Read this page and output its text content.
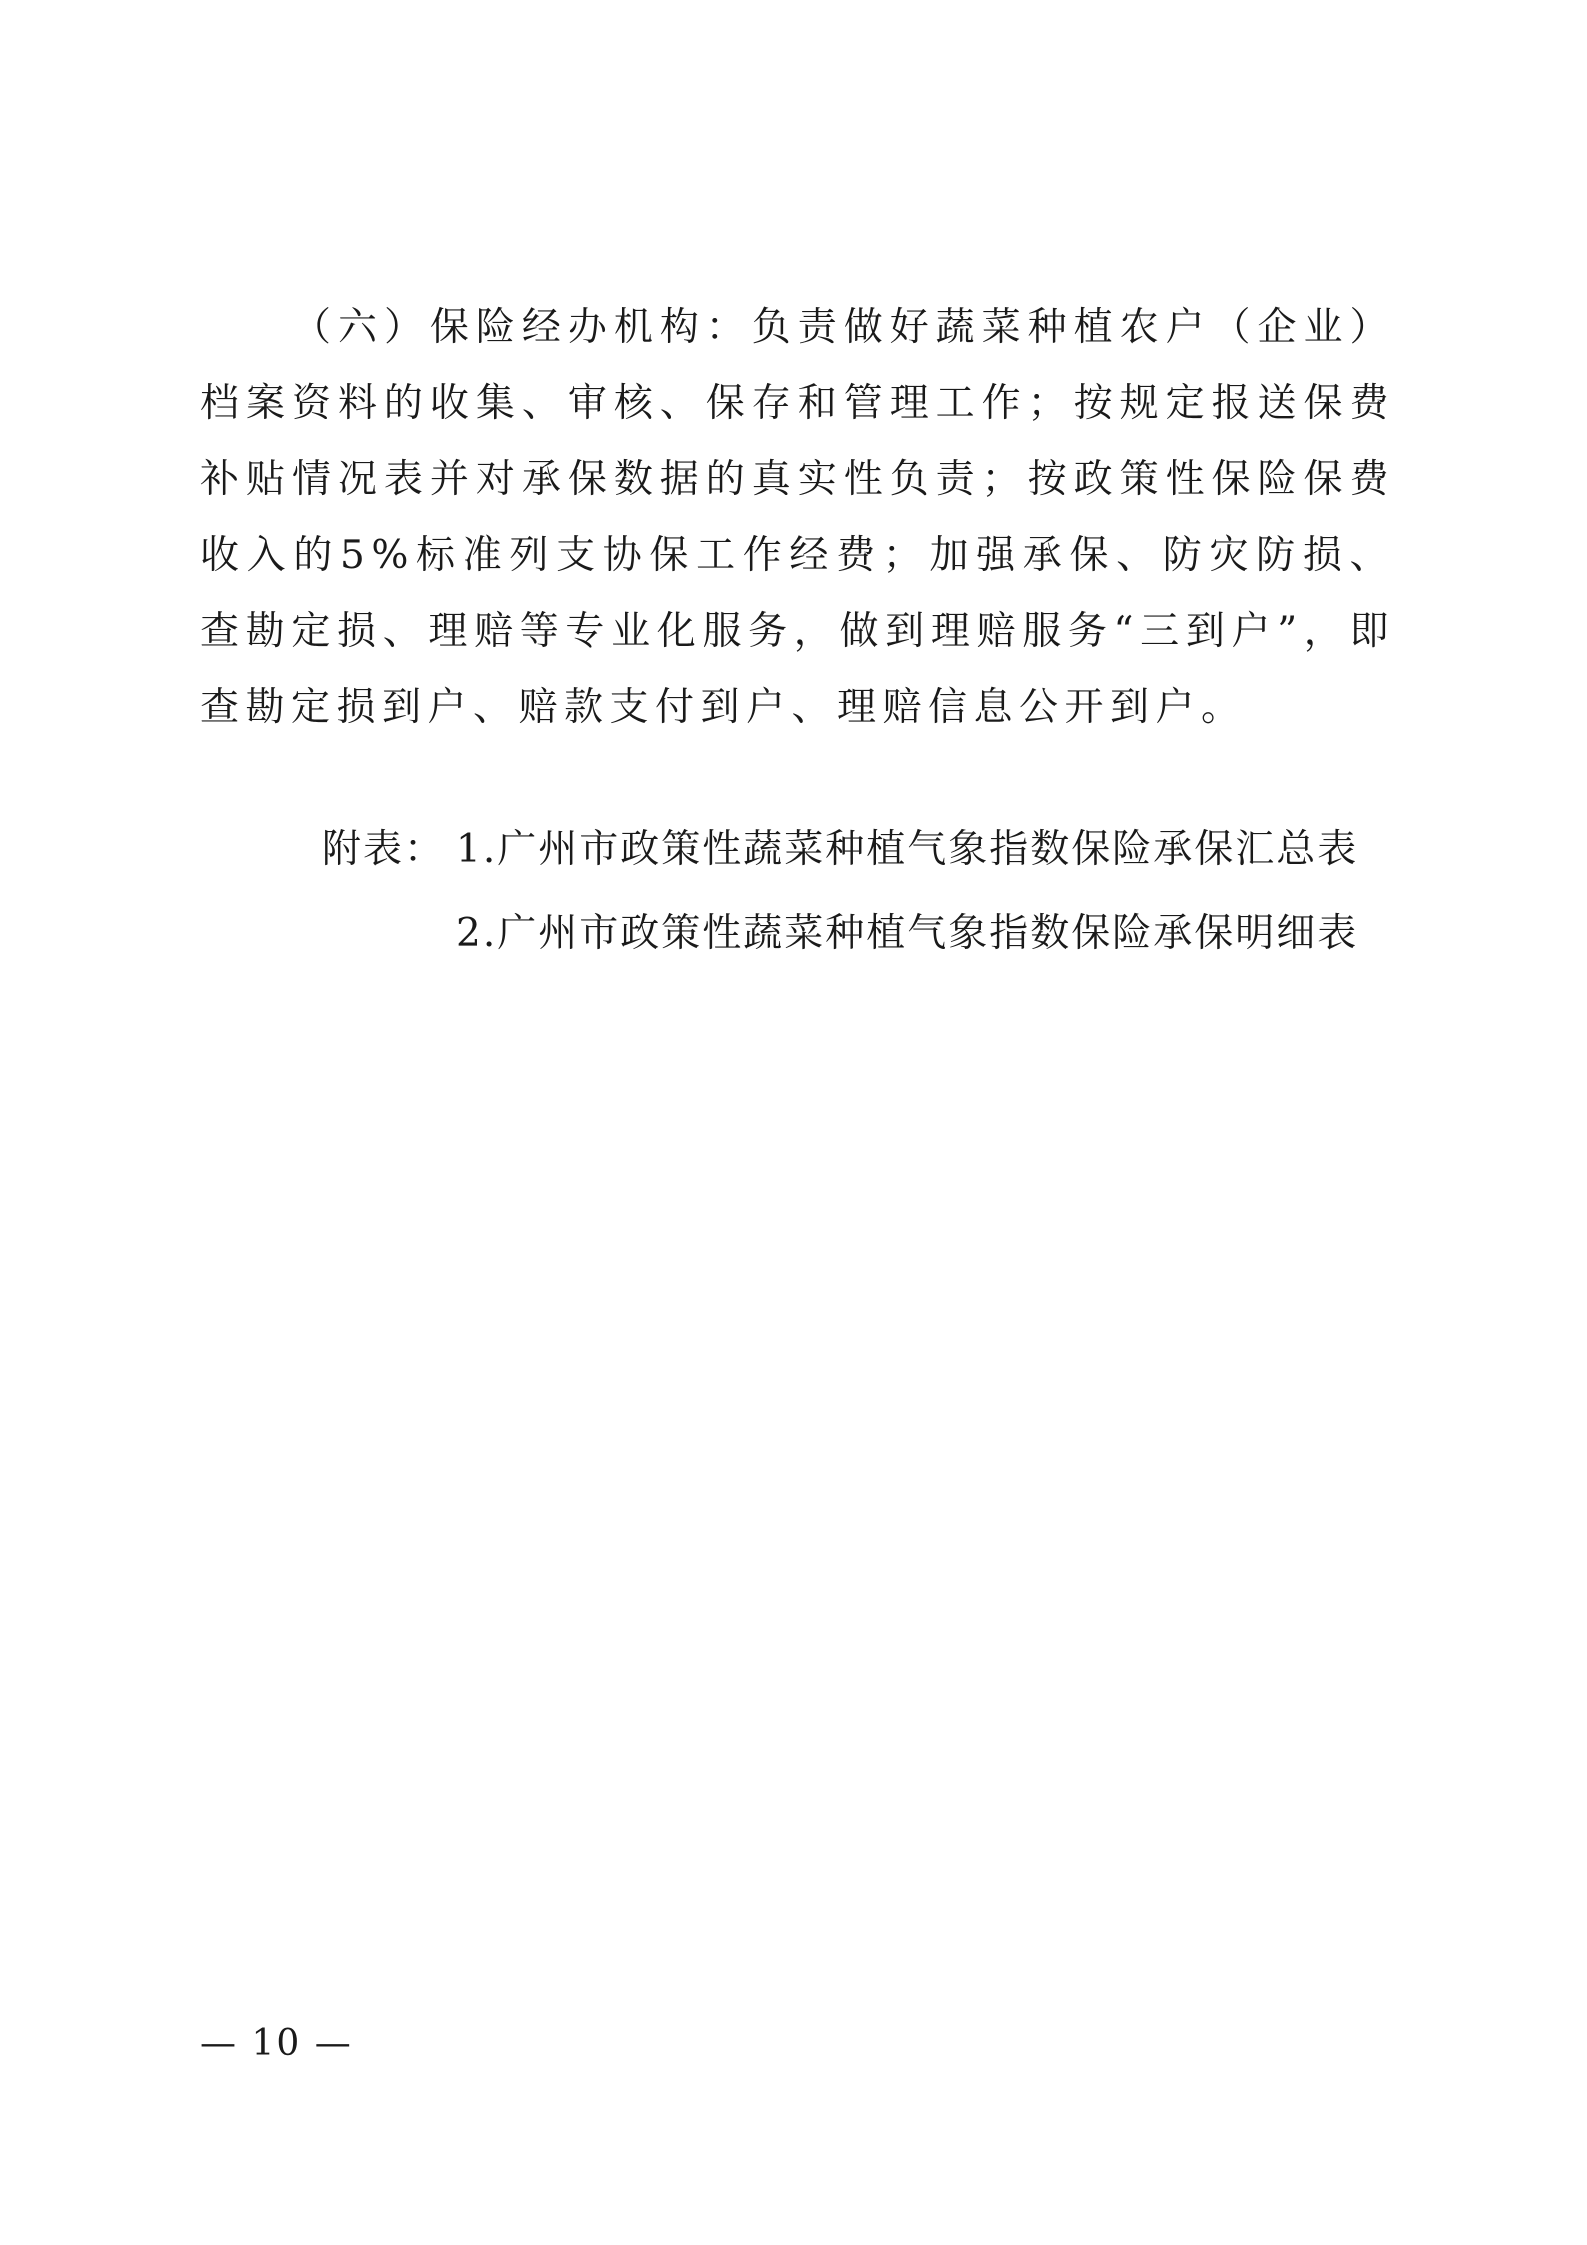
（六）保险经办机构：负责做好蔬菜种植农户（企业）档案资料的收集、审核、保存和管理工作；按规定报送保费补贴情况表并对承保数据的真实性负责；按政策性保险保费收入的5%标准列支协保工作经费；加强承保、防灾防损、查勘定损、理赔等专业化服务，做到理赔服务“三到户”，即查勘定损到户、赔款支付到户、理赔信息公开到户。

附表： 1.广州市政策性蔬菜种植气象指数保险承保汇总表
2.广州市政策性蔬菜种植气象指数保险承保明细表
— 10 —
